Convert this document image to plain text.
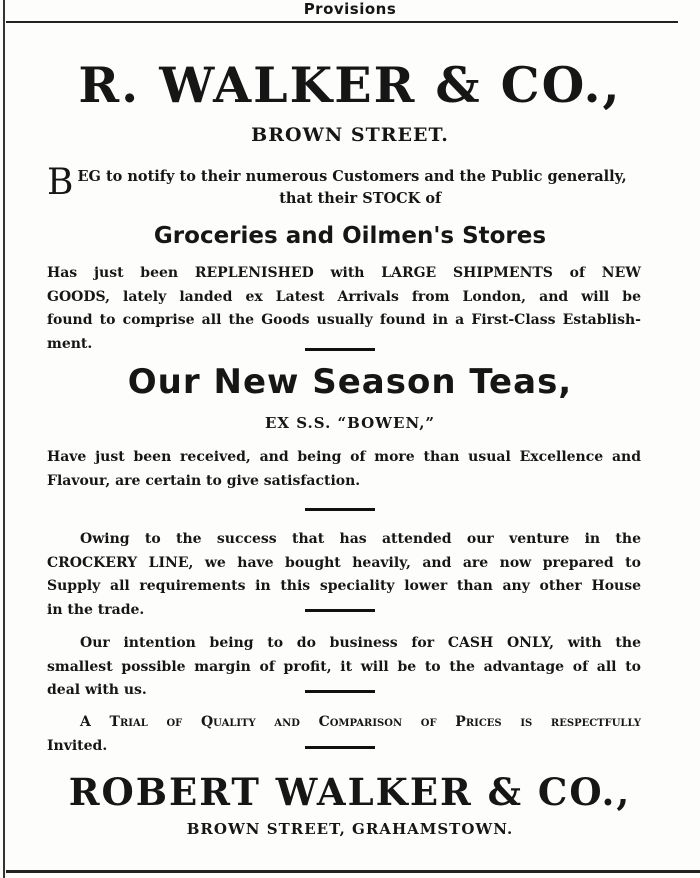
Provisions
R. WALKER & CO.,
BROWN STREET.
B EG to notify to their numerous Customers and the Public generally,
that their STOCK of
Groceries and Oilmen's Stores
Has just been REPLENISHED with LARGE SHIPMENTS of NEW
GOODS, lately landed ex Latest Arrivals from London, and will be
found to comprise all the Goods usually found in a First-Class Establish-
ment.
Our New Season Teas,
EX S.S. “BOWEN,”
Have just been received, and being of more than usual Excellence and
Flavour, are certain to give satisfaction.
Owing to the success that has attended our venture in the
CROCKERY LINE, we have bought heavily, and are now prepared to
Supply all requirements in this speciality lower than any other House
in the trade.
Our intention being to do business for CASH ONLY, with the
smallest possible margin of profit, it will be to the advantage of all to
deal with us.
A Trial of Quality and Comparison of Prices is respectfully
Invited.
ROBERT WALKER & CO.,
BROWN STREET, GRAHAMSTOWN.
